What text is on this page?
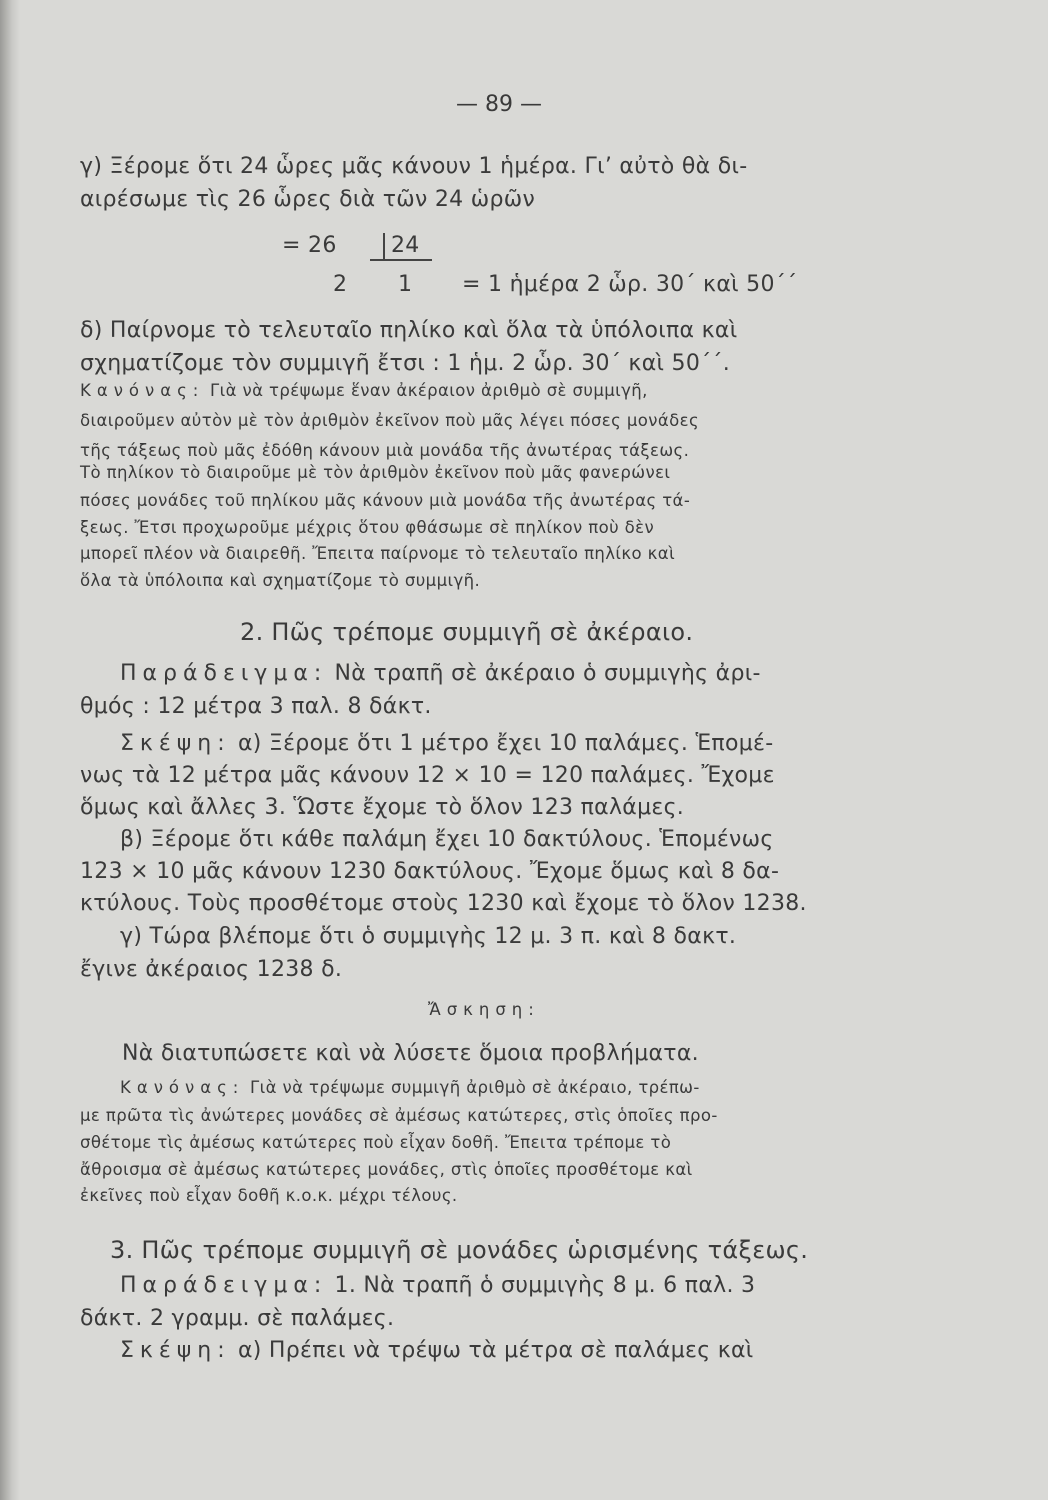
— 89 —
γ) Ξέρομε ὅτι 24 ὧρες μᾶς κάνουν 1 ἡμέρα. Γι’ αὐτὸ θὰ δι-
αιρέσωμε τὶς 26 ὧρες διὰ τῶν 24 ὡρῶν
= 26 24
2 1 = 1 ἡμέρα 2 ὧρ. 30΄ καὶ 50΄΄
δ) Παίρνομε τὸ τελευταῖο πηλίκο καὶ ὅλα τὰ ὑπόλοιπα καὶ
σχηματίζομε τὸν συμμιγῆ ἔτσι : 1 ἡμ. 2 ὧρ. 30΄ καὶ 50΄΄.
Κανόνας: Γιὰ νὰ τρέψωμε ἕναν ἀκέραιον ἀριθμὸ σὲ συμμιγῆ,
διαιροῦμεν αὐτὸν μὲ τὸν ἀριθμὸν ἐκεῖνον ποὺ μᾶς λέγει πόσες μονάδες
τῆς τάξεως ποὺ μᾶς ἐδόθη κάνουν μιὰ μονάδα τῆς ἀνωτέρας τάξεως.
Τὸ πηλίκον τὸ διαιροῦμε μὲ τὸν ἀριθμὸν ἐκεῖνον ποὺ μᾶς φανερώνει
πόσες μονάδες τοῦ πηλίκου μᾶς κάνουν μιὰ μονάδα τῆς ἀνωτέρας τά-
ξεως. Ἔτσι προχωροῦμε μέχρις ὅτου φθάσωμε σὲ πηλίκον ποὺ δὲν
μπορεῖ πλέον νὰ διαιρεθῆ. Ἔπειτα παίρνομε τὸ τελευταῖο πηλίκο καὶ
ὅλα τὰ ὑπόλοιπα καὶ σχηματίζομε τὸ συμμιγῆ.
2. Πῶς τρέπομε συμμιγῆ σὲ ἀκέραιο.
Παράδειγμα: Νὰ τραπῆ σὲ ἀκέραιο ὁ συμμιγὴς ἀρι-
θμός : 12 μέτρα 3 παλ. 8 δάκτ.
Σκέψη: α) Ξέρομε ὅτι 1 μέτρο ἔχει 10 παλάμες. Ἑπομέ-
νως τὰ 12 μέτρα μᾶς κάνουν 12 × 10 = 120 παλάμες. Ἔχομε
ὅμως καὶ ἄλλες 3. Ὥστε ἔχομε τὸ ὅλον 123 παλάμες.
β) Ξέρομε ὅτι κάθε παλάμη ἔχει 10 δακτύλους. Ἑπομένως
123 × 10 μᾶς κάνουν 1230 δακτύλους. Ἔχομε ὅμως καὶ 8 δα-
κτύλους. Τοὺς προσθέτομε στοὺς 1230 καὶ ἔχομε τὸ ὅλον 1238.
γ) Τώρα βλέπομε ὅτι ὁ συμμιγὴς 12 μ. 3 π. καὶ 8 δακτ.
ἔγινε ἀκέραιος 1238 δ.
Ἄσκηση:
Νὰ διατυπώσετε καὶ νὰ λύσετε ὅμοια προβλήματα.
Κανόνας: Γιὰ νὰ τρέψωμε συμμιγῆ ἀριθμὸ σὲ ἀκέραιο, τρέπω-
με πρῶτα τὶς ἀνώτερες μονάδες σὲ ἀμέσως κατώτερες, στὶς ὁποῖες προ-
σθέτομε τὶς ἀμέσως κατώτερες ποὺ εἶχαν δοθῆ. Ἔπειτα τρέπομε τὸ
ἄθροισμα σὲ ἀμέσως κατώτερες μονάδες, στὶς ὁποῖες προσθέτομε καὶ
ἐκεῖνες ποὺ εἶχαν δοθῆ κ.ο.κ. μέχρι τέλους.
3. Πῶς τρέπομε συμμιγῆ σὲ μονάδες ὡρισμένης τάξεως.
Παράδειγμα: 1. Νὰ τραπῆ ὁ συμμιγὴς 8 μ. 6 παλ. 3
δάκτ. 2 γραμμ. σὲ παλάμες.
Σκέψη: α) Πρέπει νὰ τρέψω τὰ μέτρα σὲ παλάμες καὶ
